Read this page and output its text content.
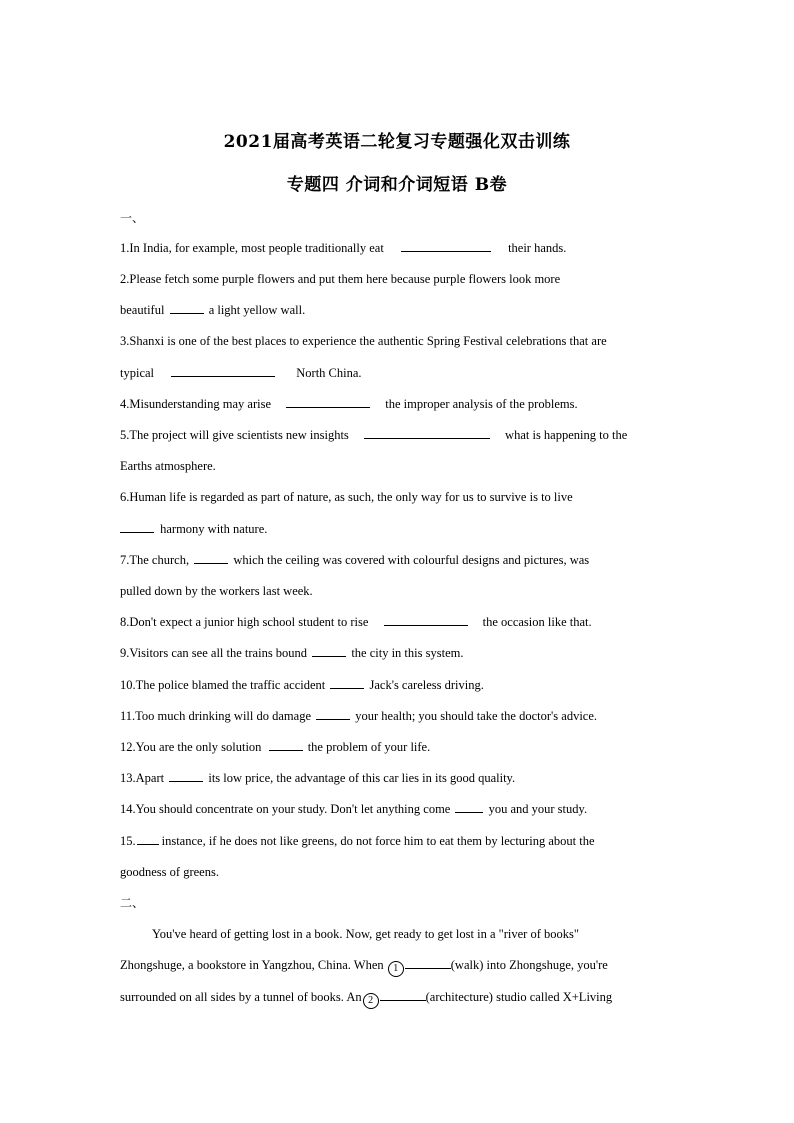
2021届高考英语二轮复习专题强化双击训练
专题四 介词和介词短语 B卷
一、
1.In India, for example, most people traditionally eat	their hands.
2.Please fetch some purple flowers and put them here because purple flowers look more
beautiful	a light yellow wall.
3.Shanxi is one of the best places to experience the authentic Spring Festival celebrations that are
typical	North China.
4.Misunderstanding may arise	the improper analysis of the problems.
5.The project will give scientists new insights	what is happening to the
Earths atmosphere.
6.Human life is regarded as part of nature, as such, the only way for us to survive is to live
harmony with nature.
7.The church,	which the ceiling was covered with colourful designs and pictures, was
pulled down by the workers last week.
8.Don't expect a junior high school student to rise	the occasion like that.
9.Visitors can see all the trains bound	the city in this system.
10.The police blamed the traffic accident	Jack's careless driving.
11.Too much drinking will do damage	your health; you should take the doctor's advice.
12.You are the only solution	the problem of your life.
13.Apart	its low price, the advantage of this car lies in its good quality.
14.You should concentrate on your study. Don't let anything come	you and your study.
15. instance, if he does not like greens, do not force him to eat them by lecturing about the
goodness of greens.
二、
You've heard of getting lost in a book. Now, get ready to get lost in a "river of books"
Zhongshuge, a bookstore in Yangzhou, China. When 1	(walk) into Zhongshuge, you're
surrounded on all sides by a tunnel of books. An 2	(architecture) studio called X+Living
